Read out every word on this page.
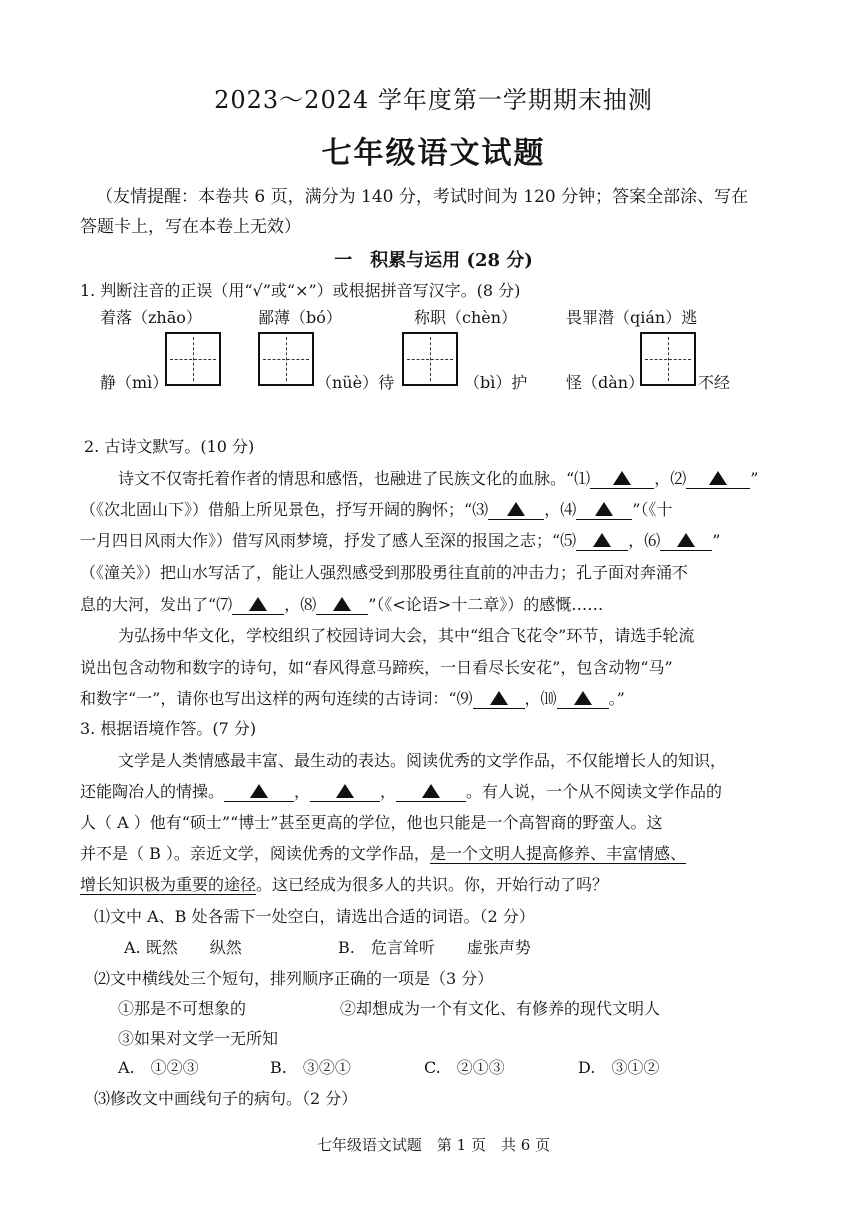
2023～2024 学年度第一学期期末抽测
七年级语文试题
（友情提醒：本卷共 6 页，满分为 140 分，考试时间为 120 分钟；答案全部涂、写在
答题卡上，写在本卷上无效）
一　积累与运用 (28 分)
1. 判断注音的正误（用“√”或“×”）或根据拼音写汉字。(8 分)
着落（zhāo）	鄙薄（bó）	称职（chèn）	畏罪潜（qián）逃
静（mì）	（nüè）待	（bì）护 怪（dàn）	不经
2. 古诗文默写。(10 分)
诗文不仅寄托着作者的情思和感悟，也融进了民族文化的血脉。“⑴	，⑵	”
（《次北固山下》）借船上所见景色，抒写开阔的胸怀；“⑶	，⑷	”（《十
一月四日风雨大作》）借写风雨梦境，抒发了感人至深的报国之志；“⑸	，⑹	”
（《潼关》）把山水写活了，能让人强烈感受到那股勇往直前的冲击力；孔子面对奔涌不
息的大河，发出了“⑺	，⑻	”（《<论语>十二章》）的感慨……
为弘扬中华文化，学校组织了校园诗词大会，其中“组合飞花令”环节，请选手轮流
说出包含动物和数字的诗句，如“春风得意马蹄疾，一日看尽长安花”，包含动物“马”
和数字“一”，请你也写出这样的两句连续的古诗词：“⑼	，⑽	。”
3. 根据语境作答。(7 分)
文学是人类情感最丰富、最生动的表达。阅读优秀的文学作品，不仅能增长人的知识，
还能陶冶人的情操。	，	，	。有人说，一个从不阅读文学作品的
人（ A ）他有“硕士”“博士”甚至更高的学位，他也只能是一个高智商的野蛮人。这
并不是（ B ）。亲近文学，阅读优秀的文学作品，是一个文明人提高修养、丰富情感、
增长知识极为重要的途径。这已经成为很多人的共识。你，开始行动了吗？
⑴文中 A、B 处各需下一处空白，请选出合适的词语。（2 分）
A. 既然　　纵然	B.　危言耸听　　虚张声势
⑵文中横线处三个短句，排列顺序正确的一项是（3 分）
①那是不可想象的	②却想成为一个有文化、有修养的现代文明人
③如果对文学一无所知
A.　①②③	B.　③②①	C.　②①③	D.　③①②
⑶修改文中画线句子的病句。（2 分）
七年级语文试题　第 1 页　共 6 页
